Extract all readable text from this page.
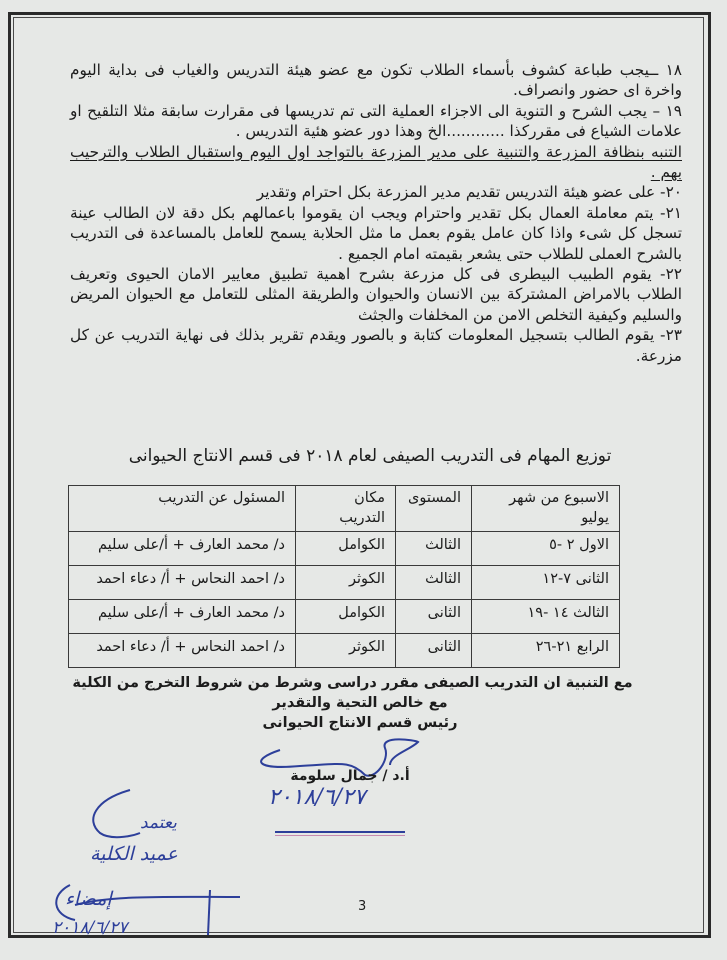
١٨ ــيجب طباعة كشوف بأسماء الطلاب تكون مع عضو هيئة التدريس والغياب فى بداية اليوم واخرة اى حضور وانصراف.

١٩ – يجب الشرح و التنوية الى الاجزاء العملية التى تم تدريسها فى مقرارت سابقة مثلا التلقيح او علامات الشياع فى مقرركذا ............الخ وهذا دور عضو هئية التدريس .

التنبه بنظافة المزرعة والتنبية على مدير المزرعة بالتواجد اول اليوم واستقبال الطلاب والترحيب بهم .

٢٠- على عضو هيئة التدريس تقديم مدير المزرعة بكل احترام وتقدير

٢١- يتم معاملة العمال بكل تقدير واحترام ويجب ان يقوموا باعمالهم بكل دقة لان الطالب عينة تسجل كل شىء واذا كان عامل يقوم بعمل ما مثل الحلابة يسمح للعامل بالمساعدة فى التدريب بالشرح العملى للطلاب حتى يشعر بقيمته امام الجميع .

٢٢- يقوم الطبيب البيطرى فى كل مزرعة بشرح اهمية تطبيق معايير الامان الحيوى وتعريف الطلاب بالامراض المشتركة بين الانسان والحيوان والطريقة المثلى للتعامل مع الحيوان المريض والسليم وكيفية التخلص الامن من المخلفات والجثث

٢٣- يقوم الطالب بتسجيل المعلومات كتابة و بالصور ويقدم تقرير بذلك فى نهاية التدريب عن كل مزرعة.

توزيع المهام فى التدريب الصيفى لعام ٢٠١٨ فى قسم الانتاج الحيوانى
الاسبوع من شهر يوليو	المستوى	مكان التدريب	المسئول عن التدريب
الاول ٢ -٥	الثالث	الكوامل	د/ محمد العارف + أ/على سليم
الثانى ٧-١٢	الثالث	الكوثر	د/ احمد النحاس + أ/ دعاء احمد
الثالث ١٤ -١٩	الثانى	الكوامل	د/ محمد العارف + أ/على سليم
الرابع ٢١-٢٦	الثانى	الكوثر	د/ احمد النحاس + أ/ دعاء احمد
مع التنبية ان التدريب الصيفى مقرر دراسى وشرط من شروط التخرج من الكلية
مع خالص التحية والتقدير
رئيس قسم الانتاج الحيوانى
أ.د / جمال سلومة
٢٠١٨/٦/٢٧
يعتمد
عميد الكلية
إمضاء
٢٠١٨/٦/٢٧
3
